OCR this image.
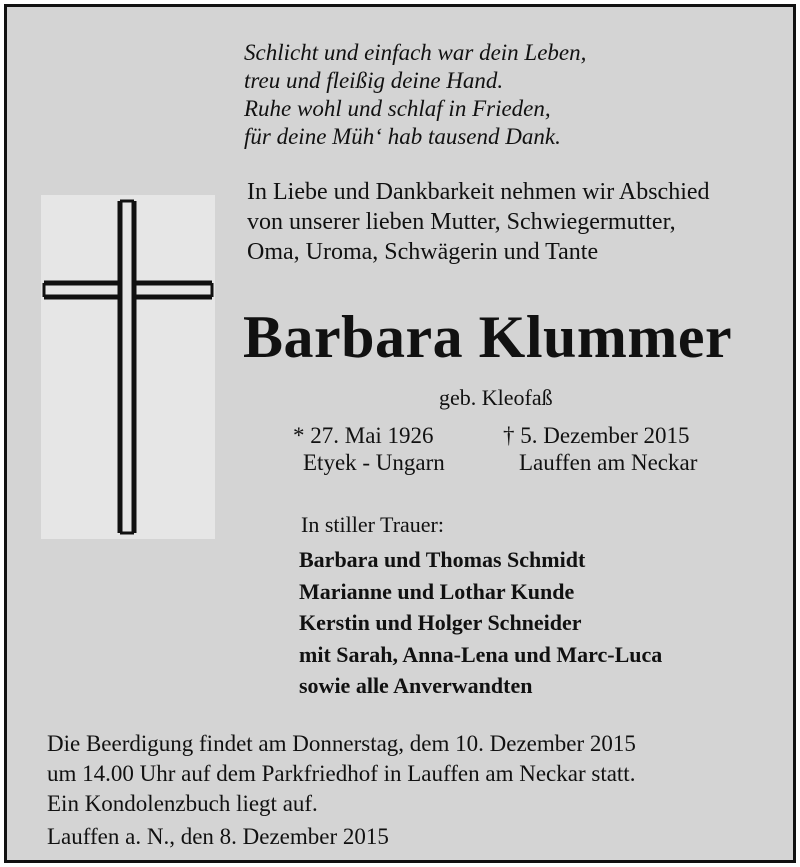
Schlicht und einfach war dein Leben,
treu und fleißig deine Hand.
Ruhe wohl und schlaf in Frieden,
für deine Müh‘ hab tausend Dank.
In Liebe und Dankbarkeit nehmen wir Abschied
von unserer lieben Mutter, Schwiegermutter,
Oma, Uroma, Schwägerin und Tante
Barbara Klummer
geb. Kleofaß
* 27. Mai 1926
Etyek - Ungarn
† 5. Dezember 2015
Lauffen am Neckar
In stiller Trauer:
Barbara und Thomas Schmidt
Marianne und Lothar Kunde
Kerstin und Holger Schneider
mit Sarah, Anna-Lena und Marc-Luca
sowie alle Anverwandten
Die Beerdigung findet am Donnerstag, dem 10. Dezember 2015
um 14.00 Uhr auf dem Parkfriedhof in Lauffen am Neckar statt.
Ein Kondolenzbuch liegt auf.
Lauffen a. N., den 8. Dezember 2015
